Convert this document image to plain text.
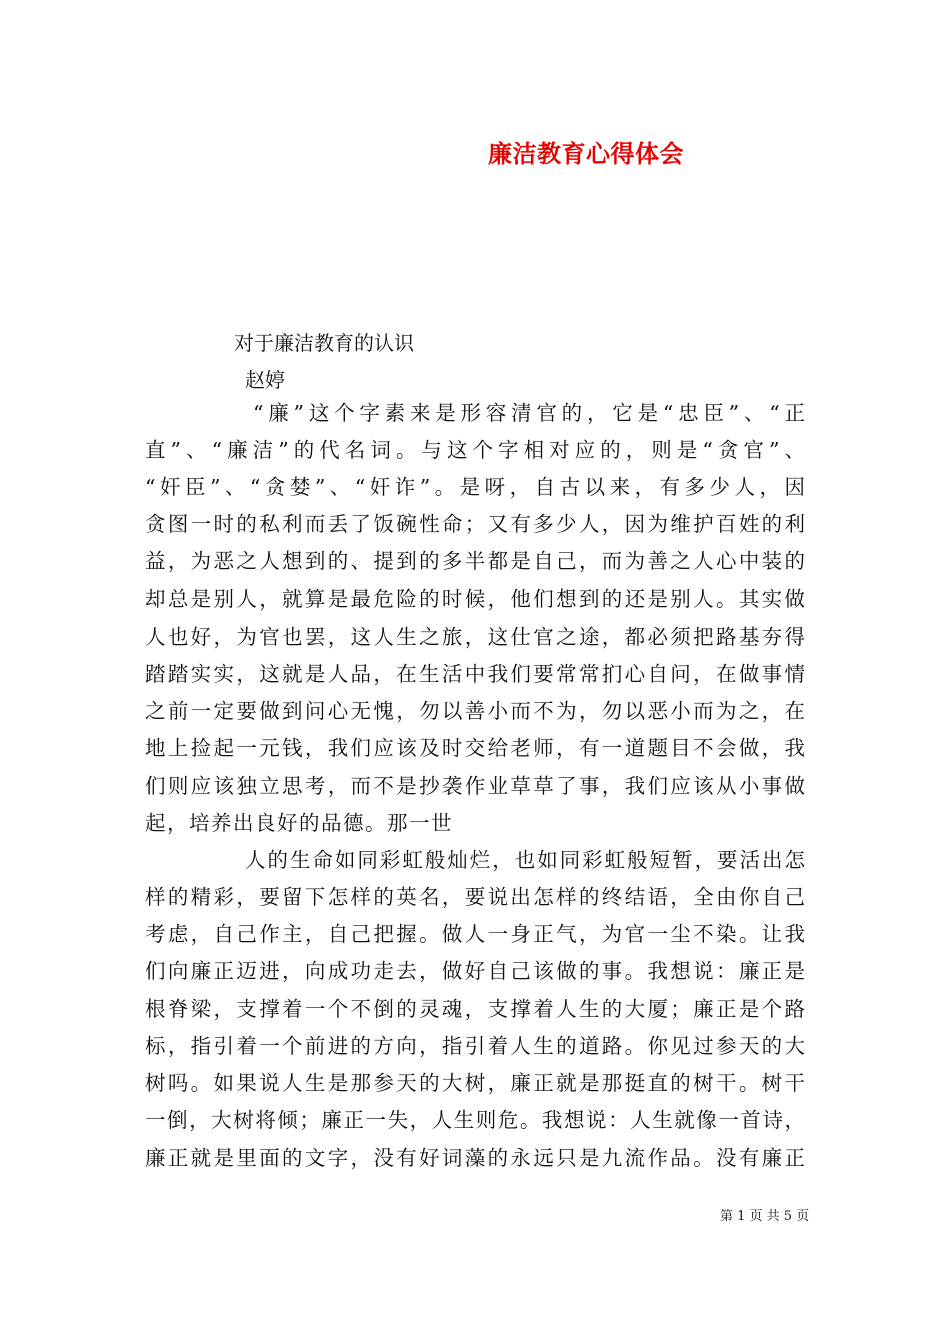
廉洁教育心得体会
对于廉洁教育的认识
赵婷
“廉”这个字素来是形容清官的，它是“忠臣”、“正
直”、“廉洁”的代名词。与这个字相对应的，则是“贪官”、
“奸臣”、“贪婪”、“奸诈”。是呀，自古以来，有多少人，因
贪图一时的私利而丢了饭碗性命；又有多少人，因为维护百姓的利
益，为恶之人想到的、提到的多半都是自己，而为善之人心中装的
却总是别人，就算是最危险的时候，他们想到的还是别人。其实做
人也好，为官也罢，这人生之旅，这仕官之途，都必须把路基夯得
踏踏实实，这就是人品，在生活中我们要常常扪心自问，在做事情
之前一定要做到问心无愧，勿以善小而不为，勿以恶小而为之，在
地上捡起一元钱，我们应该及时交给老师，有一道题目不会做，我
们则应该独立思考，而不是抄袭作业草草了事，我们应该从小事做
起，培养出良好的品德。那一世
人的生命如同彩虹般灿烂，也如同彩虹般短暂，要活出怎
样的精彩，要留下怎样的英名，要说出怎样的终结语，全由你自己
考虑，自己作主，自己把握。做人一身正气，为官一尘不染。让我
们向廉正迈进，向成功走去，做好自己该做的事。我想说：廉正是
根脊梁，支撑着一个不倒的灵魂，支撑着人生的大厦；廉正是个路
标，指引着一个前进的方向，指引着人生的道路。你见过参天的大
树吗。如果说人生是那参天的大树，廉正就是那挺直的树干。树干
一倒，大树将倾；廉正一失，人生则危。我想说：人生就像一首诗，
廉正就是里面的文字，没有好词藻的永远只是九流作品。没有廉正
第 1 页 共 5 页
